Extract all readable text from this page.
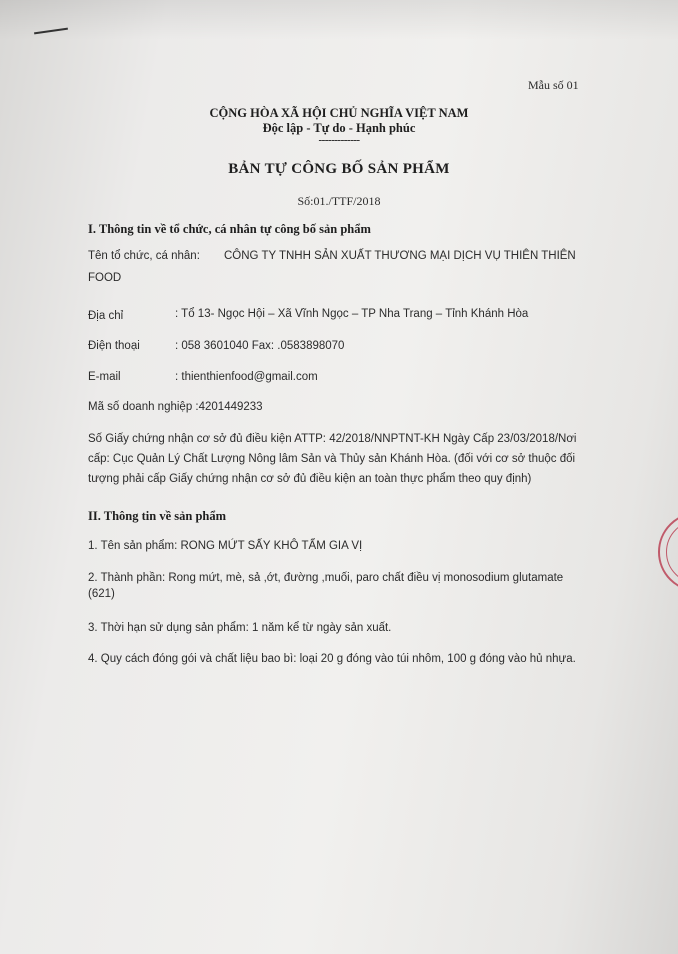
Mẫu số 01

CỘNG HÒA XÃ HỘI CHỦ NGHĨA VIỆT NAM

Độc lập - Tự do - Hạnh phúc

-------------

BẢN TỰ CÔNG BỐ SẢN PHẨM

Số:01./TTF/2018

I. Thông tin về tổ chức, cá nhân tự công bố sản phẩm

Tên tổ chức, cá nhân: CÔNG TY TNHH SẢN XUẤT THƯƠNG MẠI DỊCH VỤ THIÊN THIÊN

FOOD

Địa chỉ	: Tổ 13- Ngọc Hội – Xã Vĩnh Ngọc – TP Nha Trang – Tỉnh Khánh Hòa

Điện thoại	: 058 3601040 Fax: .0583898070

E-mail	: thienthienfood@gmail.com

Mã số doanh nghiệp :4201449233

Số Giấy chứng nhận cơ sở đủ điều kiện ATTP: 42/2018/NNPTNT-KH Ngày Cấp 23/03/2018/Nơi

cấp: Cục Quản Lý Chất Lượng Nông lâm Sản và Thủy sản Khánh Hòa. (đối với cơ sở thuộc đối

tượng phải cấp Giấy chứng nhận cơ sở đủ điều kiện an toàn thực phẩm theo quy định)

II. Thông tin về sản phẩm

1. Tên sản phẩm: RONG MỨT SẤY KHÔ TẨM GIA VỊ

2. Thành phần: Rong mứt, mè, sả ,ớt, đường ,muối, paro chất điều vị monosodium glutamate

(621)

3. Thời hạn sử dụng sản phẩm: 1 năm kể từ ngày sản xuất.

4. Quy cách đóng gói và chất liệu bao bì: loại 20 g đóng vào túi nhôm, 100 g đóng vào hủ nhựa.
